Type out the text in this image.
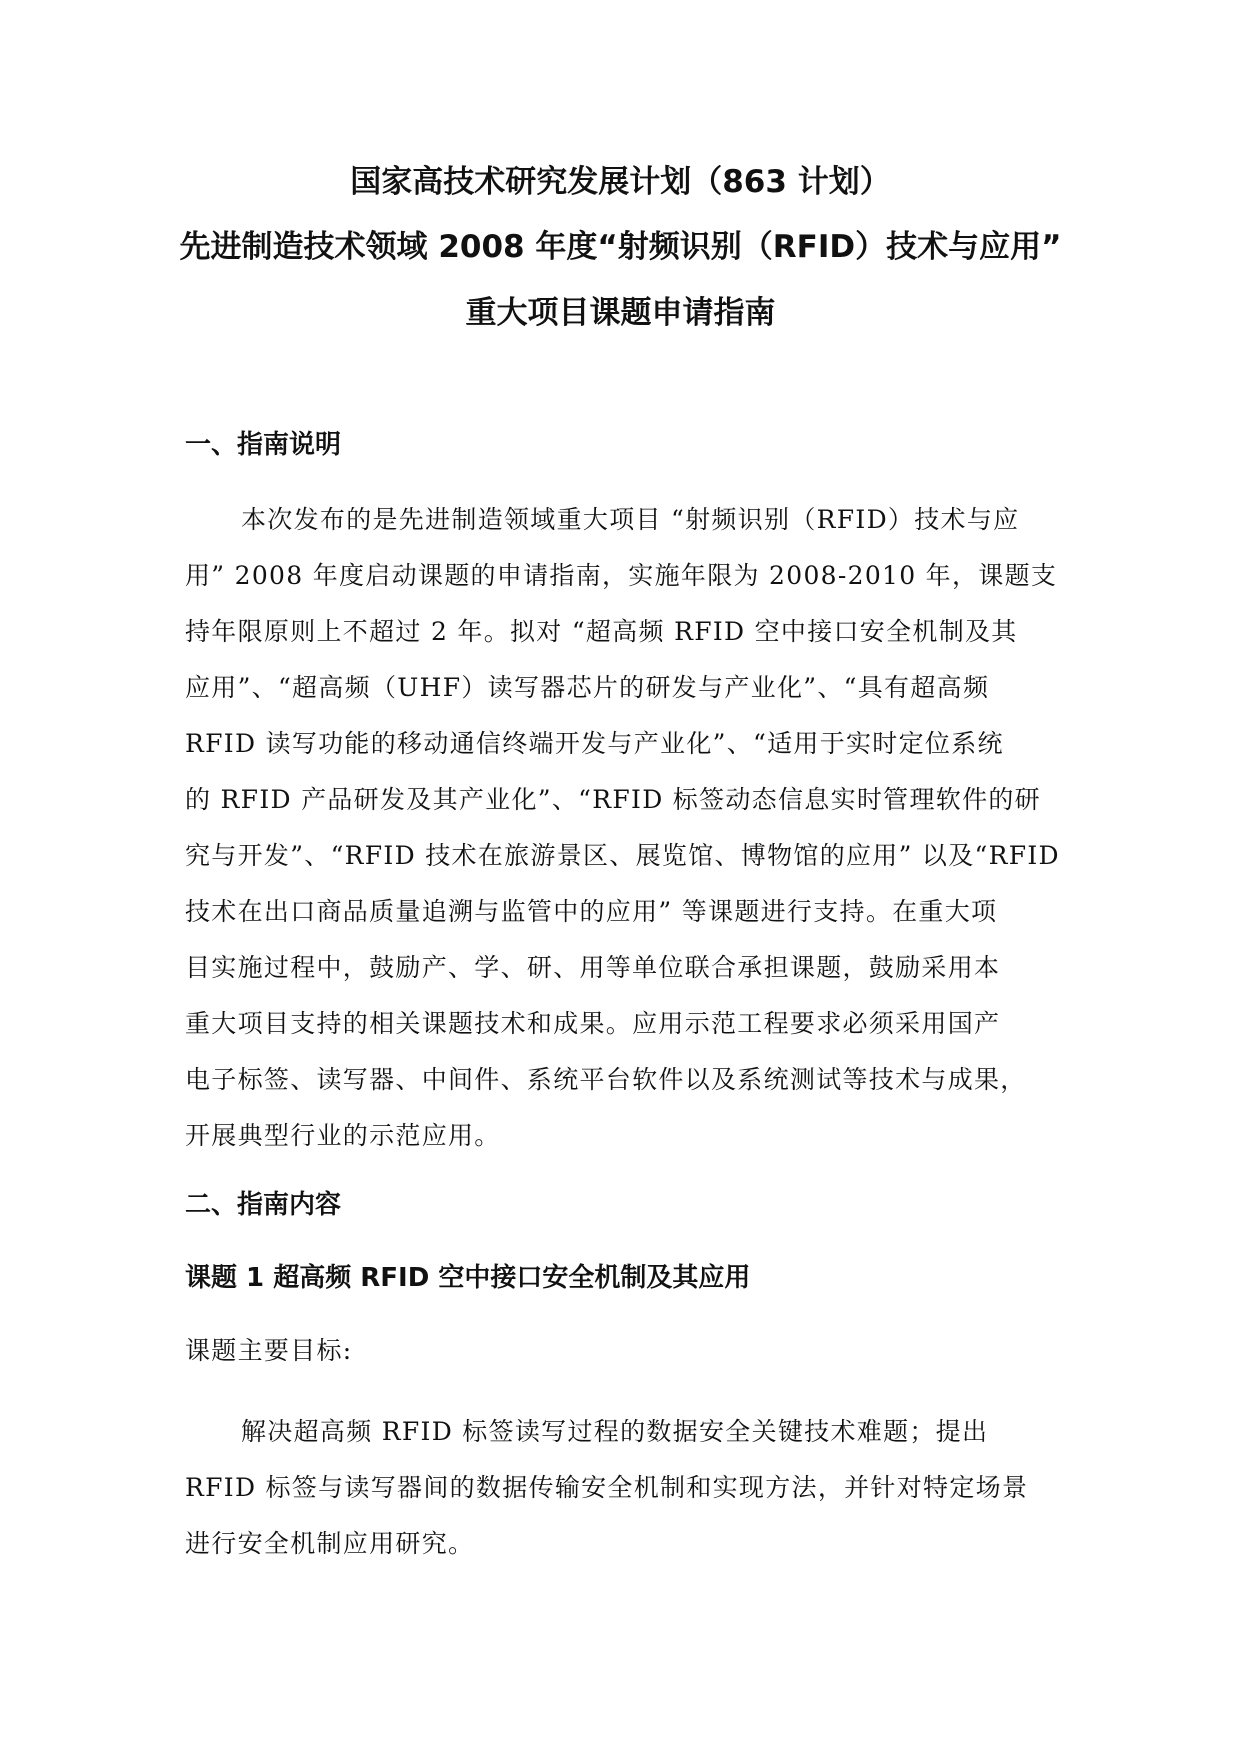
国家高技术研究发展计划（863 计划）
先进制造技术领域 2008 年度“射频识别（RFID）技术与应用”
重大项目课题申请指南
一、指南说明
本次发布的是先进制造领域重大项目 “射频识别（RFID）技术与应
用” 2008 年度启动课题的申请指南，实施年限为 2008-2010 年，课题支
持年限原则上不超过 2 年。拟对 “超高频 RFID 空中接口安全机制及其
应用”、“超高频（UHF）读写器芯片的研发与产业化”、“具有超高频
RFID 读写功能的移动通信终端开发与产业化”、“适用于实时定位系统
的 RFID 产品研发及其产业化”、“RFID 标签动态信息实时管理软件的研
究与开发”、“RFID 技术在旅游景区、展览馆、博物馆的应用” 以及“RFID
技术在出口商品质量追溯与监管中的应用” 等课题进行支持。在重大项
目实施过程中，鼓励产、学、研、用等单位联合承担课题，鼓励采用本
重大项目支持的相关课题技术和成果。应用示范工程要求必须采用国产
电子标签、读写器、中间件、系统平台软件以及系统测试等技术与成果，
开展典型行业的示范应用。
二、指南内容
课题 1 超高频 RFID 空中接口安全机制及其应用
课题主要目标:
解决超高频 RFID 标签读写过程的数据安全关键技术难题；提出
RFID 标签与读写器间的数据传输安全机制和实现方法，并针对特定场景
进行安全机制应用研究。
